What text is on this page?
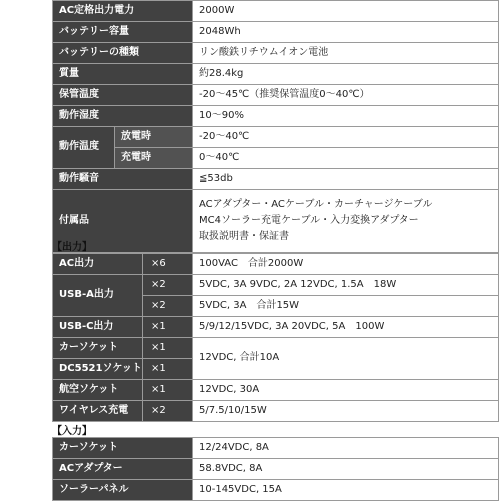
AC定格出力電力	2000W
バッテリー容量	2048Wh
バッテリーの種類	リン酸鉄リチウムイオン電池
質量	約28.4kg
保管温度	-20〜45℃（推奨保管温度0〜40℃）
動作湿度	10〜90%
動作温度	放電時	-20〜40℃
	充電時	0〜40℃
動作騒音	≦53db
付属品	ACアダプター・ACケーブル・カーチャージケーブル
MC4ソーラー充電ケーブル・入力変換アダプター
取扱説明書・保証書
【出力】
AC出力	×6	100VAC　合計2000W
USB-A出力	×2	5VDC, 3A 9VDC, 2A 12VDC, 1.5A　18W
	×2	5VDC, 3A　合計15W
USB-C出力	×1	5/9/12/15VDC, 3A 20VDC, 5A　100W
カーソケット	×1	12VDC, 合計10A
DC5521ソケット	×1	
航空ソケット	×1	12VDC, 30A
ワイヤレス充電	×2	5/7.5/10/15W
【入力】
カーソケット	12/24VDC, 8A
ACアダプター	58.8VDC, 8A
ソーラーパネル	10-145VDC, 15A
